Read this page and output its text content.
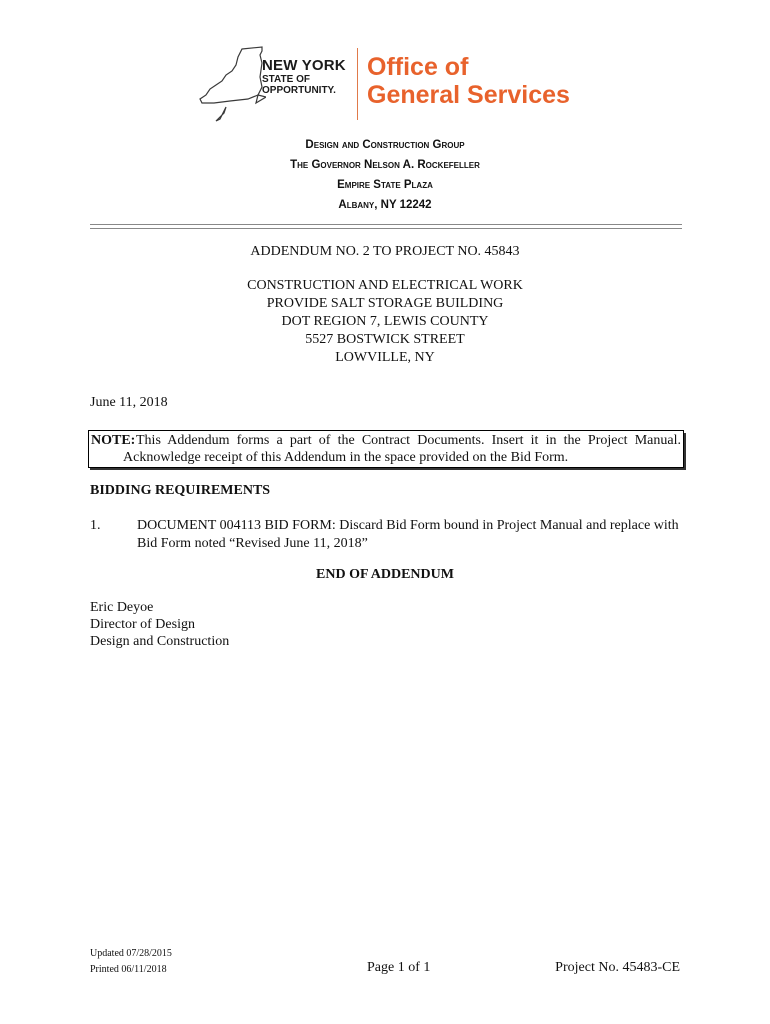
NEW YORK
STATE OF
OPPORTUNITY.
Office of
General Services
Design and Construction Group
The Governor Nelson A. Rockefeller
Empire State Plaza
Albany, NY 12242
ADDENDUM NO. 2 TO PROJECT NO. 45843
CONSTRUCTION AND ELECTRICAL WORK
PROVIDE SALT STORAGE BUILDING
DOT REGION 7, LEWIS COUNTY
5527 BOSTWICK STREET
LOWVILLE, NY
June 11, 2018
NOTE: This Addendum forms a part of the Contract Documents. Insert it in the Project Manual.
Acknowledge receipt of this Addendum in the space provided on the Bid Form.
BIDDING REQUIREMENTS
1.	DOCUMENT 004113 BID FORM: Discard Bid Form bound in Project Manual and replace with Bid Form noted “Revised June 11, 2018”
END OF ADDENDUM
Eric Deyoe
Director of Design
Design and Construction
Updated 07/28/2015
Printed 06/11/2018	Page 1 of 1	Project No. 45483-CE
